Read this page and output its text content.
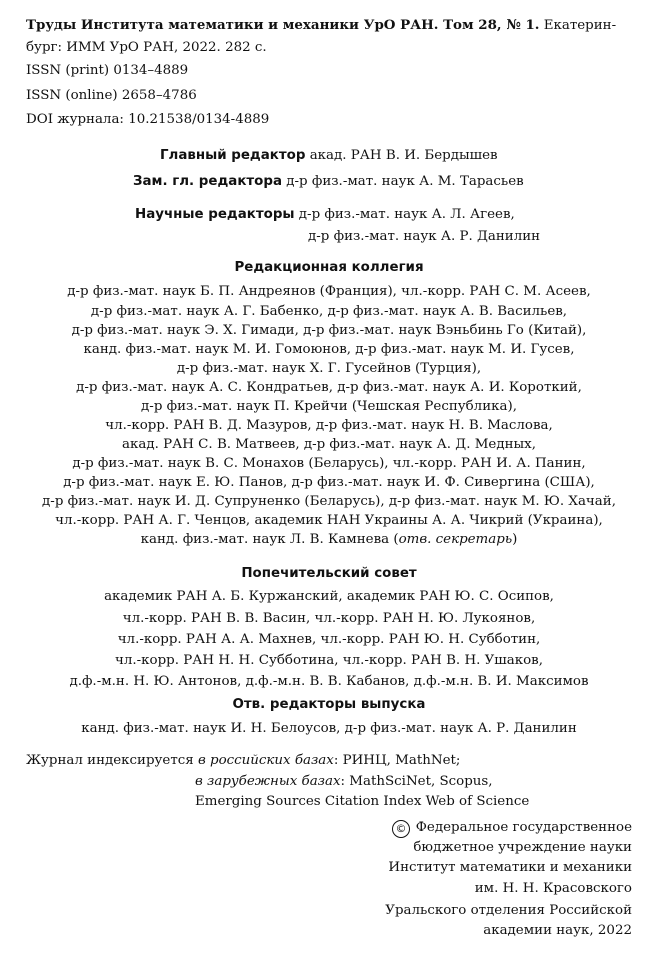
Труды Института математики и механики УрО РАН. Том 28, № 1. Екатерин-
бург: ИММ УрО РАН, 2022. 282 с.
ISSN (print) 0134–4889
ISSN (online) 2658–4786
DOI журнала: 10.21538/0134-4889
Главный редактор акад. РАН В. И. Бердышев
Зам. гл. редактора д-р физ.-мат. наук А. М. Тарасьев
Научные редакторы д-р физ.-мат. наук А. Л. Агеев,
д-р физ.-мат. наук А. Р. Данилин
Редакционная коллегия
д-р физ.-мат. наук Б. П. Андреянов (Франция), чл.-корр. РАН С. М. Асеев,
д-р физ.-мат. наук А. Г. Бабенко, д-р физ.-мат. наук А. В. Васильев,
д-р физ.-мат. наук Э. Х. Гимади, д-р физ.-мат. наук Вэньбинь Го (Китай),
канд. физ.-мат. наук М. И. Гомоюнов, д-р физ.-мат. наук М. И. Гусев,
д-р физ.-мат. наук Х. Г. Гусейнов (Турция),
д-р физ.-мат. наук А. С. Кондратьев, д-р физ.-мат. наук А. И. Короткий,
д-р физ.-мат. наук П. Крейчи (Чешская Республика),
чл.-корр. РАН В. Д. Мазуров, д-р физ.-мат. наук Н. В. Маслова,
акад. РАН С. В. Матвеев, д-р физ.-мат. наук А. Д. Медных,
д-р физ.-мат. наук В. С. Монахов (Беларусь), чл.-корр. РАН И. А. Панин,
д-р физ.-мат. наук Е. Ю. Панов, д-р физ.-мат. наук И. Ф. Сивергина (США),
д-р физ.-мат. наук И. Д. Супруненко (Беларусь), д-р физ.-мат. наук М. Ю. Хачай,
чл.-корр. РАН А. Г. Ченцов, академик НАН Украины А. А. Чикрий (Украина),
канд. физ.-мат. наук Л. В. Камнева (отв. секретарь)
Попечительский совет
академик РАН А. Б. Куржанский, академик РАН Ю. С. Осипов,
чл.-корр. РАН В. В. Васин, чл.-корр. РАН Н. Ю. Лукоянов,
чл.-корр. РАН А. А. Махнев, чл.-корр. РАН Ю. Н. Субботин,
чл.-корр. РАН Н. Н. Субботина, чл.-корр. РАН В. Н. Ушаков,
д.ф.-м.н. Н. Ю. Антонов, д.ф.-м.н. В. В. Кабанов, д.ф.-м.н. В. И. Максимов
Отв. редакторы выпуска
канд. физ.-мат. наук И. Н. Белоусов, д-р физ.-мат. наук А. Р. Данилин
Журнал индексируется в российских базах: РИНЦ, MathNet;
в зарубежных базах: MathSciNet, Scopus,
Emerging Sources Citation Index Web of Science
© Федеральное государственное
бюджетное учреждение науки
Институт математики и механики
им. Н. Н. Красовского
Уральского отделения Российской
академии наук, 2022
